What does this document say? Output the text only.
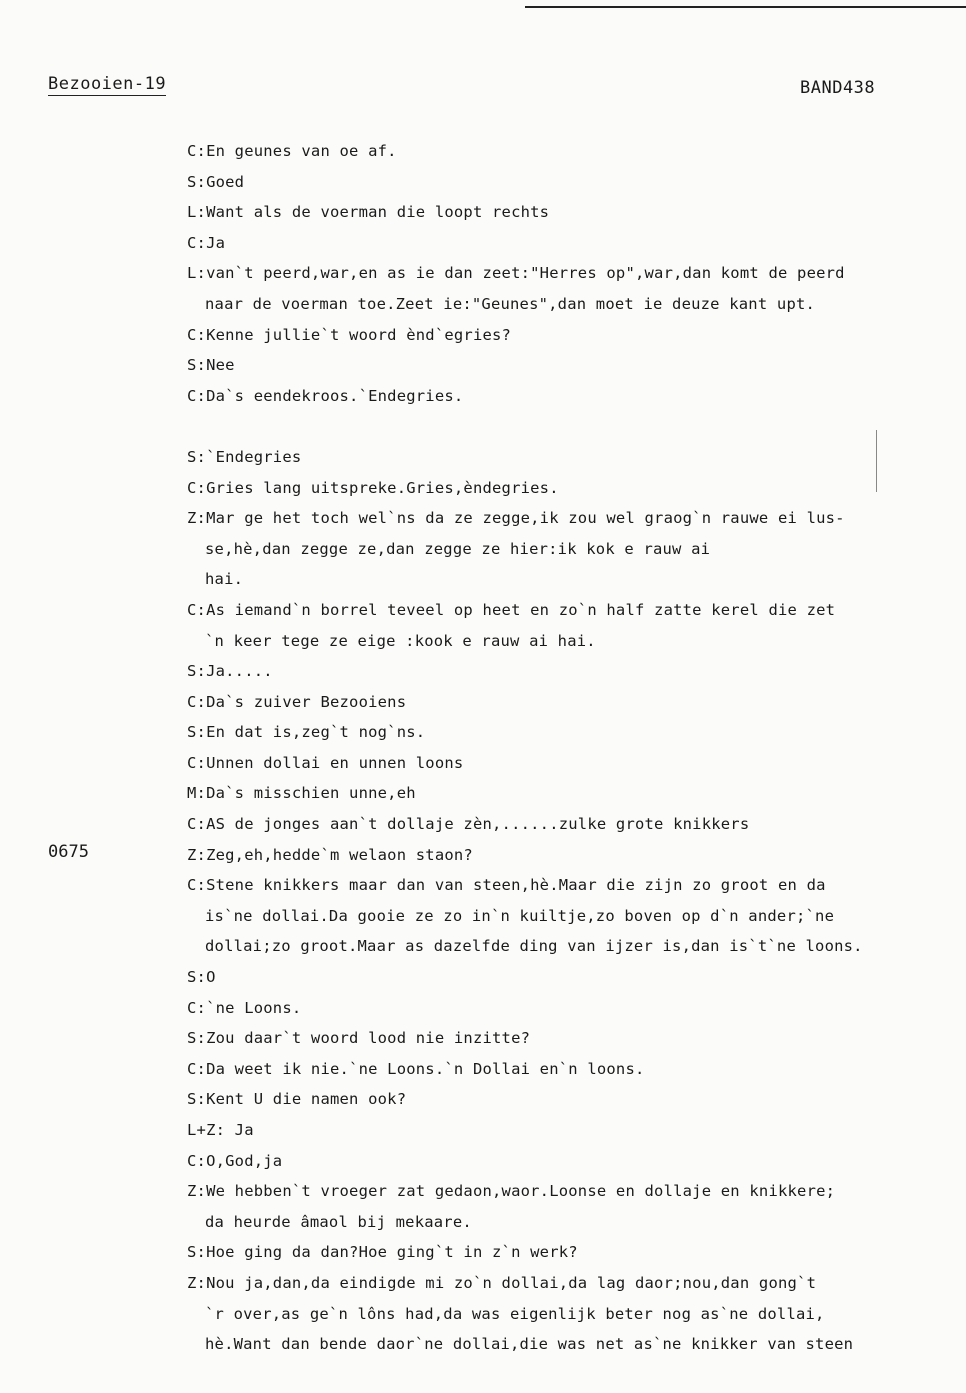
Bezooien-19	BAND438
0675
C:En geunes van oe af.
S:Goed
L:Want als de voerman die loopt rechts
C:Ja
L:van`t peerd,war,en as ie dan zeet:"Herres op",war,dan komt de peerd
naar de voerman toe.Zeet ie:"Geunes",dan moet ie deuze kant upt.
C:Kenne jullie`t woord ènd`egries?
S:Nee
C:Da`s eendekroos.`Endegries.
S:`Endegries
C:Gries lang uitspreke.Gries,èndegries.
Z:Mar ge het toch wel`ns da ze zegge,ik zou wel graog`n rauwe ei lus-
se,hè,dan zegge ze,dan zegge ze hier:ik kok e rauw ai
hai.
C:As iemand`n borrel teveel op heet en zo`n half zatte kerel die zet
`n keer tege ze eige :kook e rauw ai hai.
S:Ja.....
C:Da`s zuiver Bezooiens
S:En dat is,zeg`t nog`ns.
C:Unnen dollai en unnen loons
M:Da`s misschien unne,eh
C:AS de jonges aan`t dollaje zèn,......zulke grote knikkers
Z:Zeg,eh,hedde`m welaon staon?
C:Stene knikkers maar dan van steen,hè.Maar die zijn zo groot en da
is`ne dollai.Da gooie ze zo in`n kuiltje,zo boven op d`n ander;`ne
dollai;zo groot.Maar as dazelfde ding van ijzer is,dan is`t`ne loons.
S:O
C:`ne Loons.
S:Zou daar`t woord lood nie inzitte?
C:Da weet ik nie.`ne Loons.`n Dollai en`n loons.
S:Kent U die namen ook?
L+Z: Ja
C:O,God,ja
Z:We hebben`t vroeger zat gedaon,waor.Loonse en dollaje en knikkere;
da heurde âmaol bij mekaare.
S:Hoe ging da dan?Hoe ging`t in z`n werk?
Z:Nou ja,dan,da eindigde mi zo`n dollai,da lag daor;nou,dan gong`t
`r over,as ge`n lôns had,da was eigenlijk beter nog as`ne dollai,
hè.Want dan bende daor`ne dollai,die was net as`ne knikker van steen
